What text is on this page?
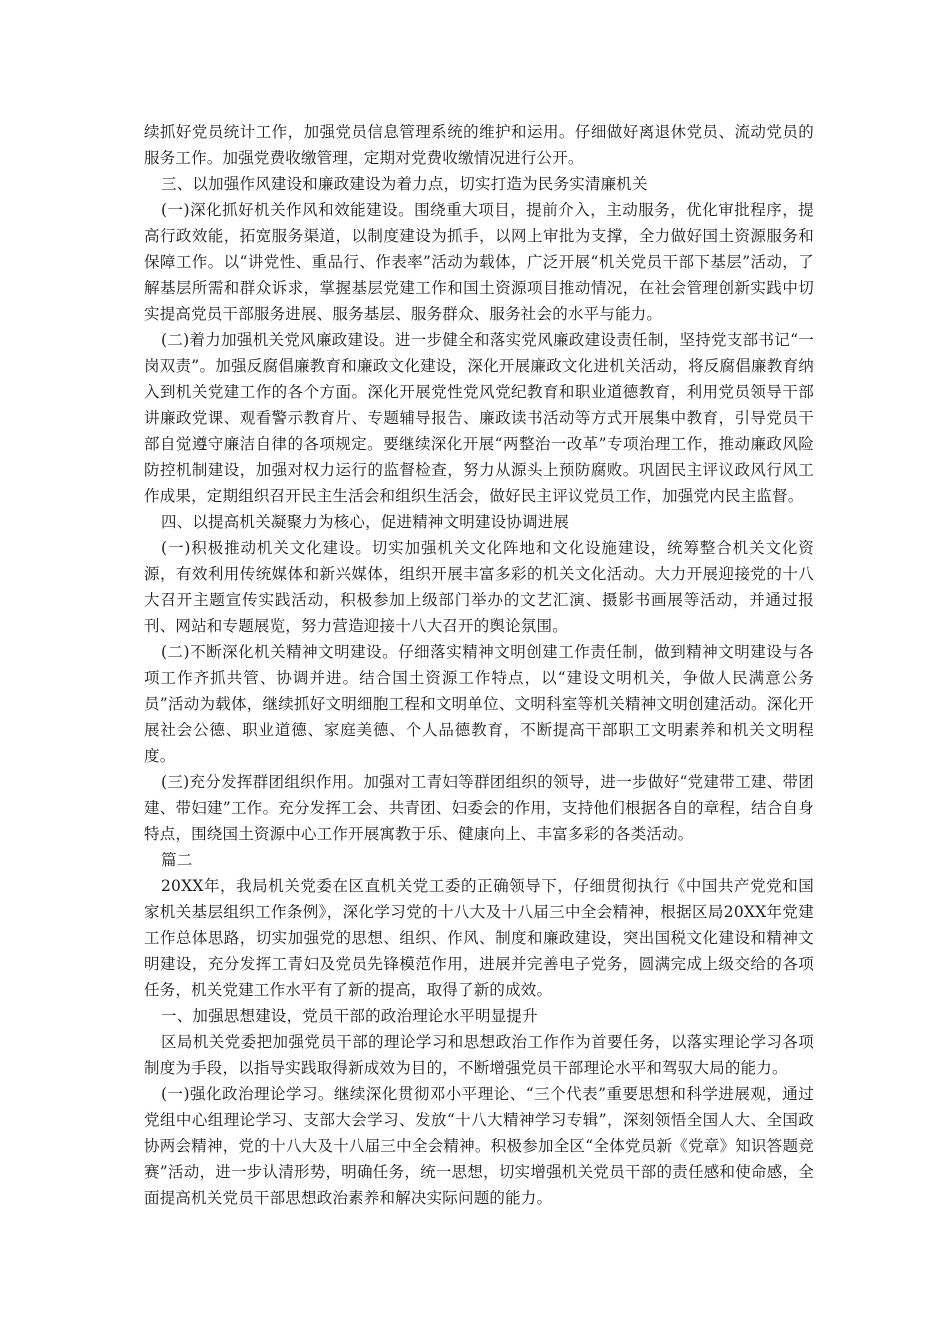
续抓好党员统计工作，加强党员信息管理系统的维护和运用。仔细做好离退休党员、流动党员的服务工作。加强党费收缴管理，定期对党费收缴情况进行公开。

三、以加强作风建设和廉政建设为着力点，切实打造为民务实清廉机关

(一)深化抓好机关作风和效能建设。围绕重大项目，提前介入，主动服务，优化审批程序，提高行政效能，拓宽服务渠道，以制度建设为抓手，以网上审批为支撑，全力做好国土资源服务和保障工作。以“讲党性、重品行、作表率”活动为载体，广泛开展“机关党员干部下基层”活动，了解基层所需和群众诉求，掌握基层党建工作和国土资源项目推动情况，在社会管理创新实践中切实提高党员干部服务进展、服务基层、服务群众、服务社会的水平与能力。

(二)着力加强机关党风廉政建设。进一步健全和落实党风廉政建设责任制，坚持党支部书记“一岗双责”。加强反腐倡廉教育和廉政文化建设，深化开展廉政文化进机关活动，将反腐倡廉教育纳入到机关党建工作的各个方面。深化开展党性党风党纪教育和职业道德教育，利用党员领导干部讲廉政党课、观看警示教育片、专题辅导报告、廉政读书活动等方式开展集中教育，引导党员干部自觉遵守廉洁自律的各项规定。要继续深化开展“两整治一改革”专项治理工作，推动廉政风险防控机制建设，加强对权力运行的监督检查，努力从源头上预防腐败。巩固民主评议政风行风工作成果，定期组织召开民主生活会和组织生活会，做好民主评议党员工作，加强党内民主监督。

四、以提高机关凝聚力为核心，促进精神文明建设协调进展

(一)积极推动机关文化建设。切实加强机关文化阵地和文化设施建设，统筹整合机关文化资源，有效利用传统媒体和新兴媒体，组织开展丰富多彩的机关文化活动。大力开展迎接党的十八大召开主题宣传实践活动，积极参加上级部门举办的文艺汇演、摄影书画展等活动，并通过报刊、网站和专题展览，努力营造迎接十八大召开的舆论氛围。

(二)不断深化机关精神文明建设。仔细落实精神文明创建工作责任制，做到精神文明建设与各项工作齐抓共管、协调并进。结合国土资源工作特点，以“建设文明机关，争做人民满意公务员”活动为载体，继续抓好文明细胞工程和文明单位、文明科室等机关精神文明创建活动。深化开展社会公德、职业道德、家庭美德、个人品德教育，不断提高干部职工文明素养和机关文明程度。

(三)充分发挥群团组织作用。加强对工青妇等群团组织的领导，进一步做好“党建带工建、带团建、带妇建”工作。充分发挥工会、共青团、妇委会的作用，支持他们根据各自的章程，结合自身特点，围绕国土资源中心工作开展寓教于乐、健康向上、丰富多彩的各类活动。

篇二

20XX年，我局机关党委在区直机关党工委的正确领导下，仔细贯彻执行《中国共产党党和国家机关基层组织工作条例》，深化学习党的十八大及十八届三中全会精神，根据区局20XX年党建工作总体思路，切实加强党的思想、组织、作风、制度和廉政建设，突出国税文化建设和精神文明建设，充分发挥工青妇及党员先锋模范作用，进展并完善电子党务，圆满完成上级交给的各项任务，机关党建工作水平有了新的提高，取得了新的成效。

一、加强思想建设，党员干部的政治理论水平明显提升

区局机关党委把加强党员干部的理论学习和思想政治工作作为首要任务，以落实理论学习各项制度为手段，以指导实践取得新成效为目的，不断增强党员干部理论水平和驾驭大局的能力。

(一)强化政治理论学习。继续深化贯彻邓小平理论、“三个代表”重要思想和科学进展观，通过党组中心组理论学习、支部大会学习、发放“十八大精神学习专辑”，深刻领悟全国人大、全国政协两会精神，党的十八大及十八届三中全会精神。积极参加全区“全体党员新《党章》知识答题竞赛”活动，进一步认清形势，明确任务，统一思想，切实增强机关党员干部的责任感和使命感，全面提高机关党员干部思想政治素养和解决实际问题的能力。
